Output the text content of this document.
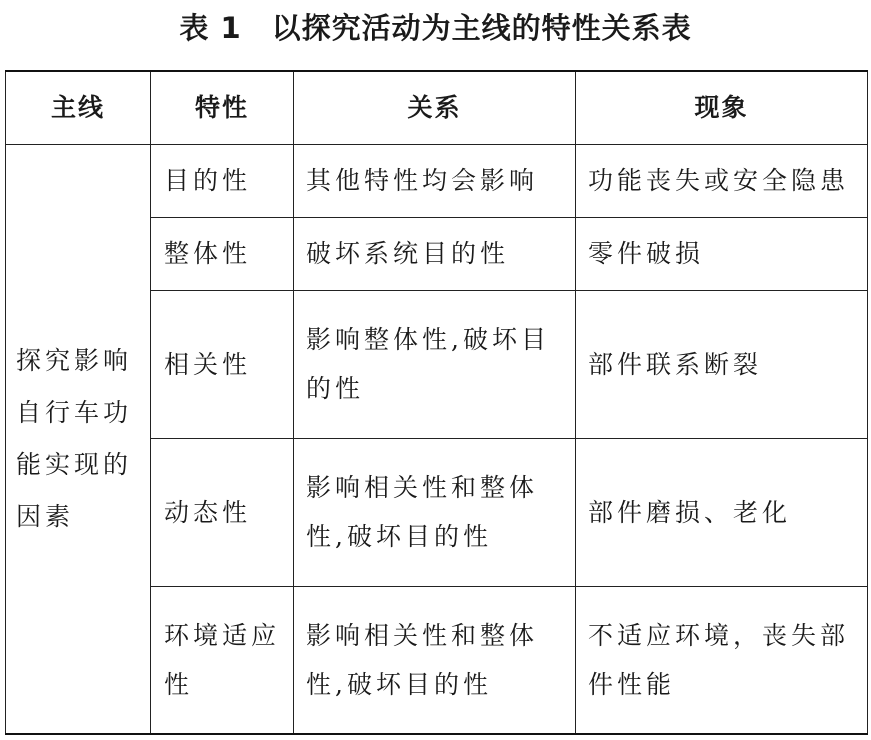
表 1 以探究活动为主线的特性关系表
主线	特性	关系	现象
探究影响自行车功能实现的因素	目的性	其他特性均会影响	功能丧失或安全隐患
	整体性	破坏系统目的性	零件破损
	相关性	影响整体性,破坏目的性	部件联系断裂
	动态性	影响相关性和整体性,破坏目的性	部件磨损、老化
	环境适应性	影响相关性和整体性,破坏目的性	不适应环境，丧失部件性能
